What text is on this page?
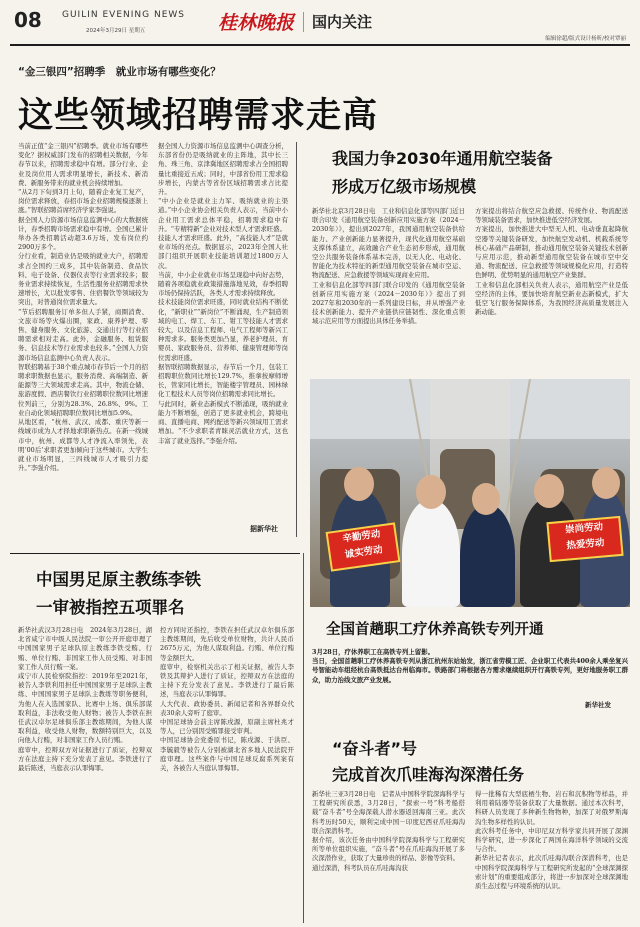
08 GUILIN EVENING NEWS
2024年3月29日 星期五	桂林晚报 国内关注
编辑徐超/版式设计杨昕/校对覃丽
“金三银四”招聘季　就业市场有哪些变化？
这些领域招聘需求走高
当前正值“金三银四”招聘季。就业市场有哪些变化？据权威部门发布的招聘相关数据，今年春节以来，招聘需求稳中有增。部分行业、企业及岗位用人需求明显增长，新技术、新消费、新服务带来的就业机会持续增加。
“从2月下旬到3月上旬，随着企业复工复产，岗位需求释放，春招市场企业招聘规模逐渐上涨。”智联招聘首席经济学家李强说。
据全国人力资源市场信息监测中心的大数据统计，春季招聘市场需求稳中有增。全国已累计举办各类招聘活动超3.6万场，发布岗位约2900万多个。
分行业看，制造业仍是吸纳就业大户，招聘需求占全国约三成多，其中装备制造、食品饮料、电子设备、仪器仪表等行业需求较多；服务业需求持续恢复，生活性服务业招聘需求快速增长，尤以批发零售、住宿餐饮等领域较为突出，对普通岗位需求量大。
“节后招聘服务订单多但人手紧，商圈消费、文旅市场等火爆出圈，家政、康养护理、零售、健身服务、文化旅游、交通出行等行业招聘需求相对走高。此外，金融服务、租赁服务、信息技术等行业需求也较多。”全国人力资源市场信息监测中心负责人表示。
智联招聘基于38个重点城市春节后一个月的招聘求职数据也显示，服务消费、高端制造、新能源等三大领域需求走高。其中，物流仓储、旅游度假、酒店餐饮行业招聘职位数同比增速位列前三，分别为28.3%、26.8%、9%。工业自动化领域招聘职位数同比增加5.9%。
从地区看，“杭州、武汉、成都、重庆等新一线城市成为人才择地求职新热点。在新一线城市中，杭州、成都等人才净流入率领先，表明‘00后’求职者更加倾向于这些城市。大学生就业市场明显，三四线城市人才吸引力提升。”李强介绍。
据全国人力资源市场信息监测中心调查分析，东部省份仍是吸纳就业的主阵地，其中长三角、珠三角、京津冀地区招聘需求占全国招聘量比重接近五成；同时，中部省份用工需求稳步增长，内蒙古等省份区域招聘需求占比提升。
“中小企业是就业主力军、吸纳就业的主渠道。”中小企业协会相关负责人表示，当前中小企业用工需求总体平稳，招聘需求稳中有升。“专精特新”企业对技术型人才需求旺盛。
技能人才需求旺盛。此外，“高技能人才”是就业市场的亮点。数据显示，2023年全国人社部门组织开展职业技能培训超过1800万人次。
当前，中小企业就业市场呈现稳中向好态势，随着各项稳就业政策措施落地见效，春季招聘市场仍保持活跃，各类人才需求持续释放。
技术技能岗位需求旺盛，同时就业结构不断优化，“新职业”“新岗位”不断涌现，生产制造领域的电工、焊工、车工、钳工等技能人才需求较大，以及信息工程师、电气工程师等新兴工种需求多。服务类更加凸显，养老护理员、育婴员、家政服务员、营养师、健康管理师等岗位需求旺盛。
据智联招聘数据显示，春节后一个月，包装工招聘职位数同比增长129.7%，推拿按摩师增长，管家同比增长，智能楼宇管理员、园林绿化工程技术人员等岗位招聘需求同比增长。
与此同时，新业态新模式不断涌现，吸纳就业能力不断增强，创造了更多就业机会，跨境电商、直播电商、网约配送等新兴领域用工需求增加。“不少求职者青睐灵活就业方式，这也丰富了就业选择。”李强介绍。
据新华社
我国力争2030年通用航空装备
形成万亿级市场规模
新华社北京3月28日电　工业和信息化部等四部门近日联合印发《通用航空装备创新应用实施方案（2024－2030年）》，提出到2027年，我国通用航空装备供给能力、产业创新能力显著提升，现代化通用航空基础支撑体系建立，高效融合产业生态初步形成，通用航空公共服务装备体系基本完善，以无人化、电动化、智能化为技术特征的新型通用航空装备在城市空运、物流配送、应急救援等领域实现商业应用。
工业和信息化部等四部门联合印发的《通用航空装备创新应用实施方案（2024－2030年）》提出了到2027年和2030年的一系列建设目标，并从增强产业技术创新能力、提升产业链供应链韧性、深化重点领域示范应用等方面提出具体任务举措。
方案提出将结合航空应急救援、传统作业、物流配送等领域装备需求，加快推进低空经济发展。
方案提出，加快推进大中型无人机、电动垂直起降航空器等关键装备研发，加快航空发动机、机载系统等核心基础产品研制，推动通用航空装备关键技术创新与应用示范，推动新型通用航空装备在城市空中交通、物流配送、应急救援等领域规模化应用，打造特色鲜明、优势明显的通用航空产业集群。
工业和信息化部相关负责人表示，通用航空产业是低空经济的主体，要加快培育航空新业态新模式，扩大低空飞行服务保障体系，为我国经济高质量发展注入新动能。
辛勤劳动
诚实劳动
崇尚劳动
热爱劳动
全国首趟职工疗休养高铁专列开通
3月28日，疗休养职工在高铁专列上留影。
当日，全国首趟职工疗休养高铁专列从浙江杭州东站始发，浙江省劳模工匠、企业职工代表共400余人乘坐复兴号智能动车组经杭台高铁抵达台州临海市。铁路部门将根据各方需求继续组织开行高铁专列，更好地服务职工群众，助力治线文旅产业发展。
新华社发
中国男足原主教练李铁
一审被指控五项罪名
新华社武汉3月28日电　2024年3月28日，湖北省咸宁市中级人民法院一审公开开庭审理了中国国家男子足球队原主教练李铁受贿、行贿、单位行贿、非国家工作人员受贿、对非国家工作人员行贿一案。
咸宁市人民检察院指控：2019年至2021年，被告人李铁利用担任中国国家男子足球队主教练、中国国家男子足球队主教练等职务便利，为他人在入选国家队、比赛中上场、俱乐部谋取利益，非法收受他人财物；被告人李铁在担任武汉卓尔足球俱乐部主教练期间，为他人谋取利益，收受他人财物，数额特别巨大，以及向他人行贿，对非国家工作人员行贿。
庭审中，控辩双方对证据进行了质证，控辩双方在法庭主持下充分发表了意见。李铁进行了最后陈述，当庭表示认罪悔罪。
控方同时还指控，李铁在担任武汉卓尔俱乐部主教练期间，先后收受单位财物，共计人民币2675万元，为他人谋取利益。行贿、单位行贿等金额巨大。
庭审中，检察机关出示了相关证据，被告人李铁及其辩护人进行了质证，控辩双方在法庭的主持下充分发表了意见。李铁进行了最后陈述，当庭表示认罪悔罪。
人大代表、政协委员、新闻记者和各界群众代表30余人旁听了庭审。
中国足球协会前主席陈戌源，原副主席杜兆才等人，已分别因受贿罪接受审判。
中国足球协会党委原书记，陈戌源、于洪臣、李毓毅等被告人分别被湖北省多地人民法院开庭审理。这些案件与中国足球反腐系列案有关，各被告人当庭认罪悔罪。
“奋斗者”号
完成首次爪哇海沟深潜任务
新华社三亚3月28日电　记者从中国科学院深海科学与工程研究所获悉，3月28日，“探索一号”科考船搭载“奋斗者”号全海深载人潜水器返回海南三亚。此次科考历时50天，顺利完成中国－印度尼西亚爪哇海沟联合深潜科考。
据介绍，该次任务由中国科学院深海科学与工程研究所等单位组织实施，“奋斗者”号在爪哇海沟开展了多次深潜作业，获取了大量珍贵的样品、影像等资料。
通过深潜，科考队员在爪哇海沟获
得一批稀有大型底栖生物、岩石和沉积物等样品，并利用着陆器等装备获取了大量数据。通过本次科考，科研人员发现了多种新生物物种，加深了对俄罗斯海沟生物多样性的认识。
此次科考任务中，中印尼双方科学家共同开展了深渊科学研究，进一步深化了两国在海洋科学领域的交流与合作。
新华社记者表示，此次爪哇海沟联合深潜科考，也是中国科学院深海科学与工程研究所发起的“全球深渊探索计划”的重要组成部分，将进一步加深对全球深渊地质生态过程与环境系统的认识。
